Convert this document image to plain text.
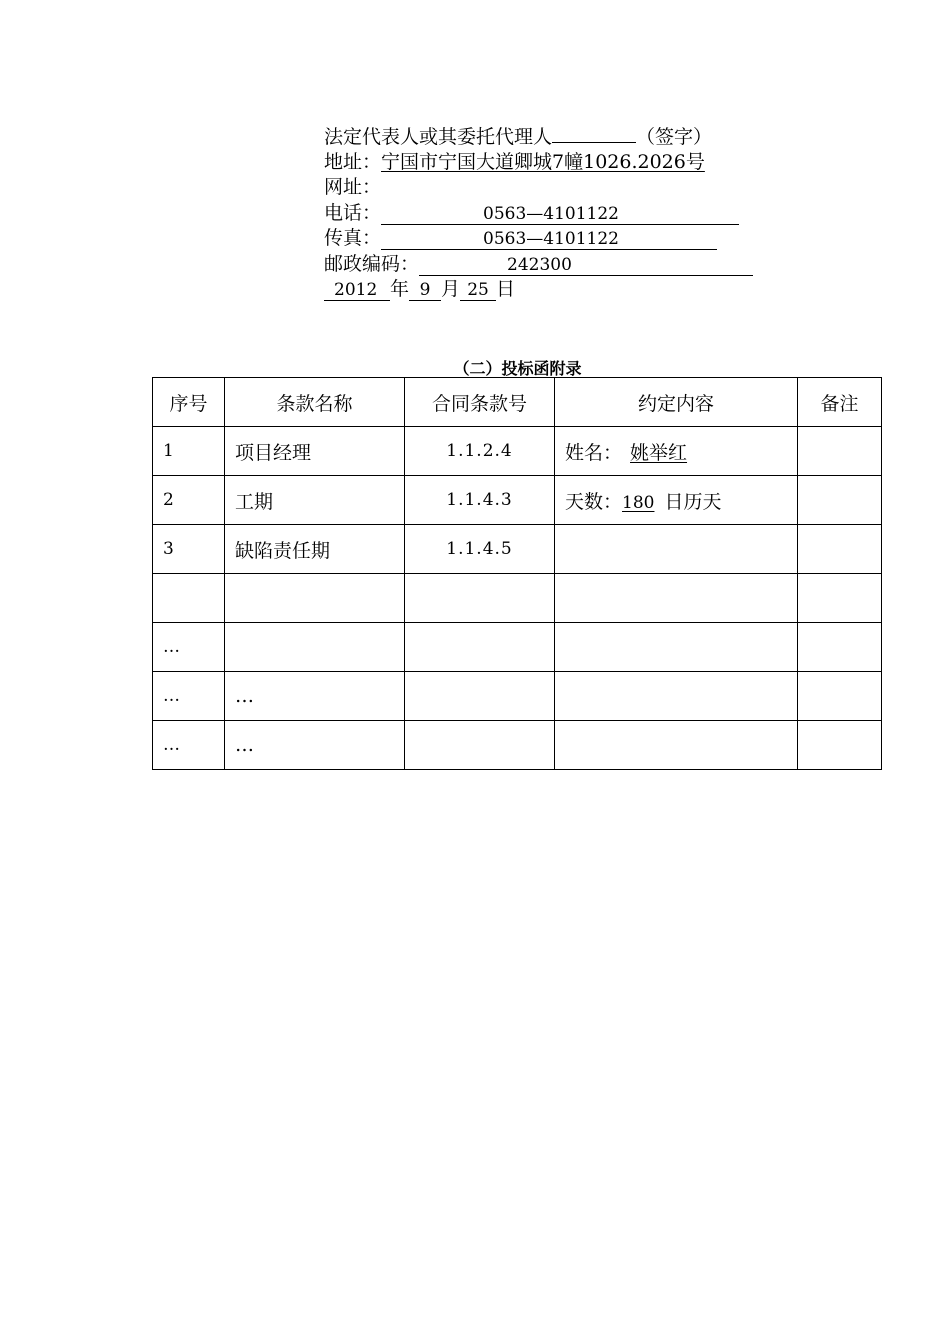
法定代表人或其委托代理人	（签字）
地址：宁国市宁国大道卿城7幢1026.2026号
网址：
电话：	0563—4101122
传真：	0563—4101122
邮政编码：	242300
2012 年 9 月 25 日
（二）投标函附录
序号	条款名称	合同条款号	约定内容	备注
1	项目经理	1.1.2.4	姓名： 姚举红	
2	工期	1.1.4.3	天数：180 日历天	
3	缺陷责任期	1.1.4.5		

…				
…	…			
…	…			
